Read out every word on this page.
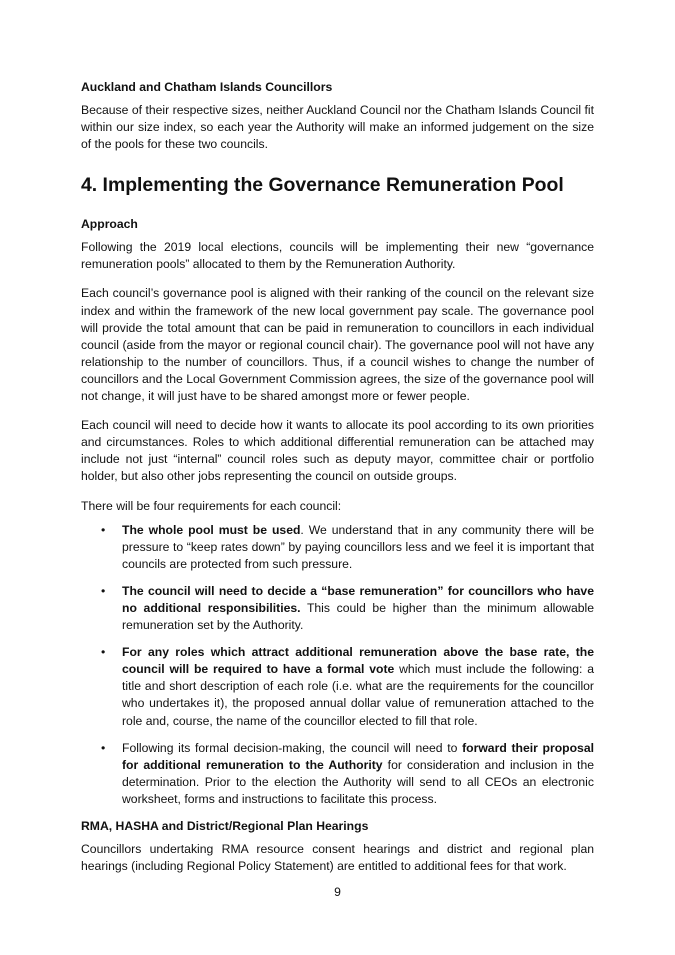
Auckland and Chatham Islands Councillors

Because of their respective sizes, neither Auckland Council nor the Chatham Islands Council fit within our size index, so each year the Authority will make an informed judgement on the size of the pools for these two councils.

4. Implementing the Governance Remuneration Pool
Approach

Following the 2019 local elections, councils will be implementing their new “governance remuneration pools” allocated to them by the Remuneration Authority.

Each council’s governance pool is aligned with their ranking of the council on the relevant size index and within the framework of the new local government pay scale. The governance pool will provide the total amount that can be paid in remuneration to councillors in each individual council (aside from the mayor or regional council chair). The governance pool will not have any relationship to the number of councillors. Thus, if a council wishes to change the number of councillors and the Local Government Commission agrees, the size of the governance pool will not change, it will just have to be shared amongst more or fewer people.

Each council will need to decide how it wants to allocate its pool according to its own priorities and circumstances. Roles to which additional differential remuneration can be attached may include not just “internal” council roles such as deputy mayor, committee chair or portfolio holder, but also other jobs representing the council on outside groups.

There will be four requirements for each council:

• The whole pool must be used. We understand that in any community there will be pressure to “keep rates down” by paying councillors less and we feel it is important that councils are protected from such pressure.
• The council will need to decide a “base remuneration” for councillors who have no additional responsibilities. This could be higher than the minimum allowable remuneration set by the Authority.
• For any roles which attract additional remuneration above the base rate, the council will be required to have a formal vote which must include the following: a title and short description of each role (i.e. what are the requirements for the councillor who undertakes it), the proposed annual dollar value of remuneration attached to the role and, course, the name of the councillor elected to fill that role.
• Following its formal decision-making, the council will need to forward their proposal for additional remuneration to the Authority for consideration and inclusion in the determination. Prior to the election the Authority will send to all CEOs an electronic worksheet, forms and instructions to facilitate this process.
RMA, HASHA and District/Regional Plan Hearings

Councillors undertaking RMA resource consent hearings and district and regional plan hearings (including Regional Policy Statement) are entitled to additional fees for that work.

9
